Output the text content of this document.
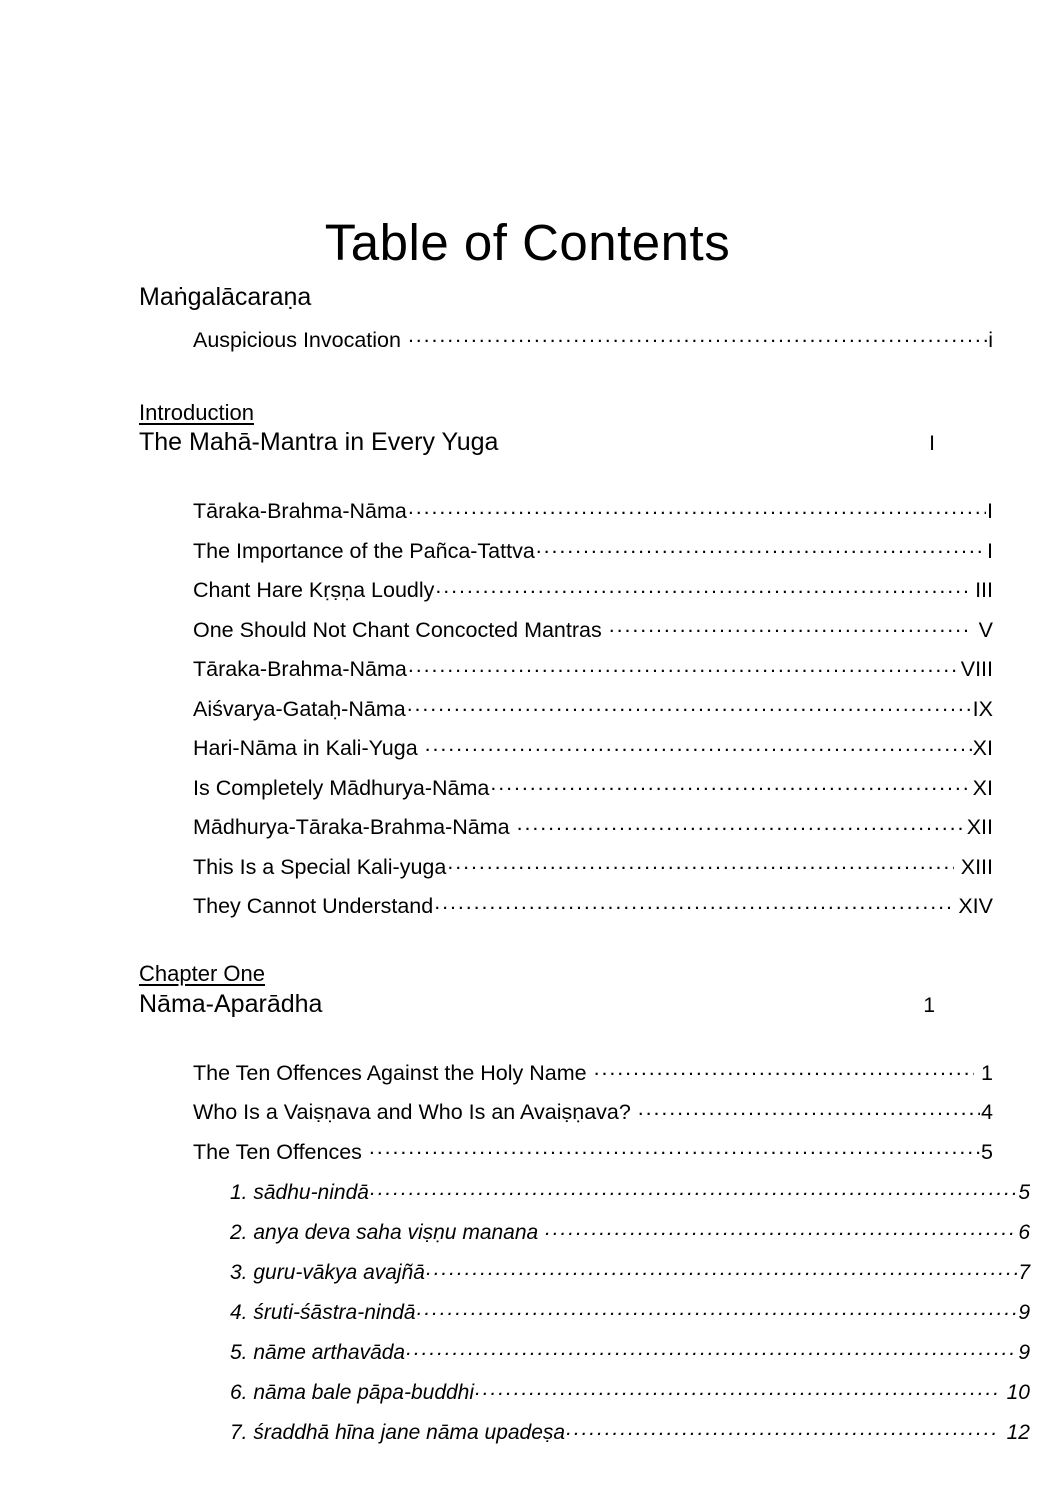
Table of Contents
Maṅgalācaraṇa
Auspicious Invocation .....	i
Introduction
The Mahā-Mantra in Every Yuga	I
Tāraka-Brahma-Nāma .....	I
The Importance of the Pañca-Tattva .....	I
Chant Hare Kṛṣṇa Loudly .....	III
One Should Not Chant Concocted Mantras .....	V
Tāraka-Brahma-Nāma .....	VIII
Aiśvarya-Gataḥ-Nāma .....	IX
Hari-Nāma in Kali-Yuga .....	XI
Is Completely Mādhurya-Nāma .....	XI
Mādhurya-Tāraka-Brahma-Nāma .....	XII
This Is a Special Kali-yuga .....	XIII
They Cannot Understand .....	XIV
Chapter One
Nāma-Aparādha	1
The Ten Offences Against the Holy Name .....	1
Who Is a Vaiṣṇava and Who Is an Avaiṣṇava? .....	4
The Ten Offences .....	5
1. sādhu-nindā .....	5
2. anya deva saha viṣṇu manana .....	6
3. guru-vākya avajñā .....	7
4. śruti-śāstra-nindā .....	9
5. nāme arthavāda .....	9
6. nāma bale pāpa-buddhi .....	10
7. śraddhā hīna jane nāma upadeṣa .....	12
